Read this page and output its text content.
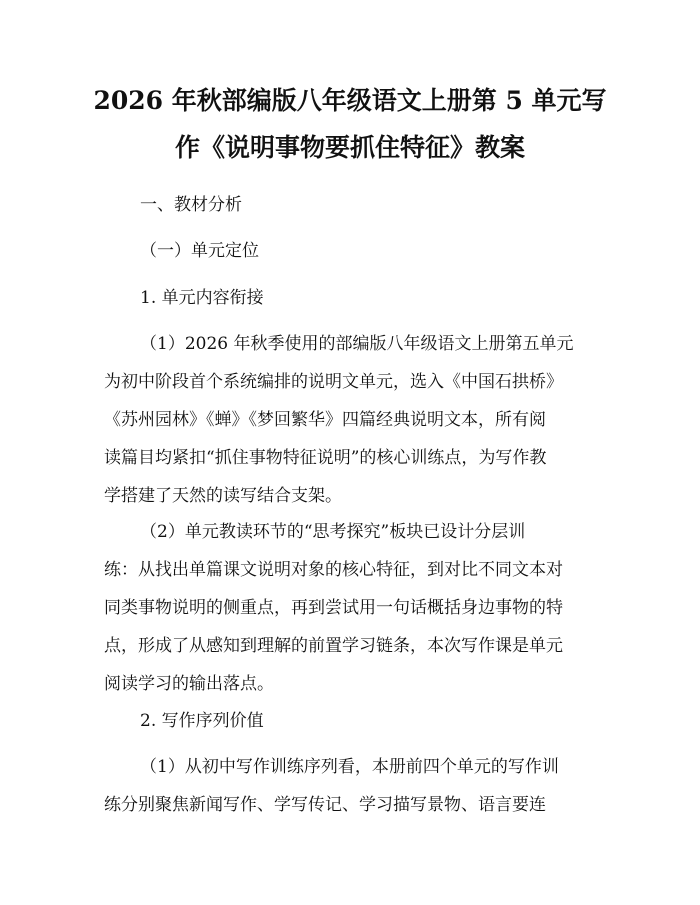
2026 年秋部编版八年级语文上册第 5 单元写
作《说明事物要抓住特征》教案
一、教材分析
（一）单元定位
1. 单元内容衔接
（1）2026 年秋季使用的部编版八年级语文上册第五单元
为初中阶段首个系统编排的说明文单元，选入《中国石拱桥》
《苏州园林》《蝉》《梦回繁华》四篇经典说明文本，所有阅
读篇目均紧扣“抓住事物特征说明”的核心训练点，为写作教
学搭建了天然的读写结合支架。
（2）单元教读环节的“思考探究”板块已设计分层训
练：从找出单篇课文说明对象的核心特征，到对比不同文本对
同类事物说明的侧重点，再到尝试用一句话概括身边事物的特
点，形成了从感知到理解的前置学习链条，本次写作课是单元
阅读学习的输出落点。
2. 写作序列价值
（1）从初中写作训练序列看，本册前四个单元的写作训
练分别聚焦新闻写作、学写传记、学习描写景物、语言要连
